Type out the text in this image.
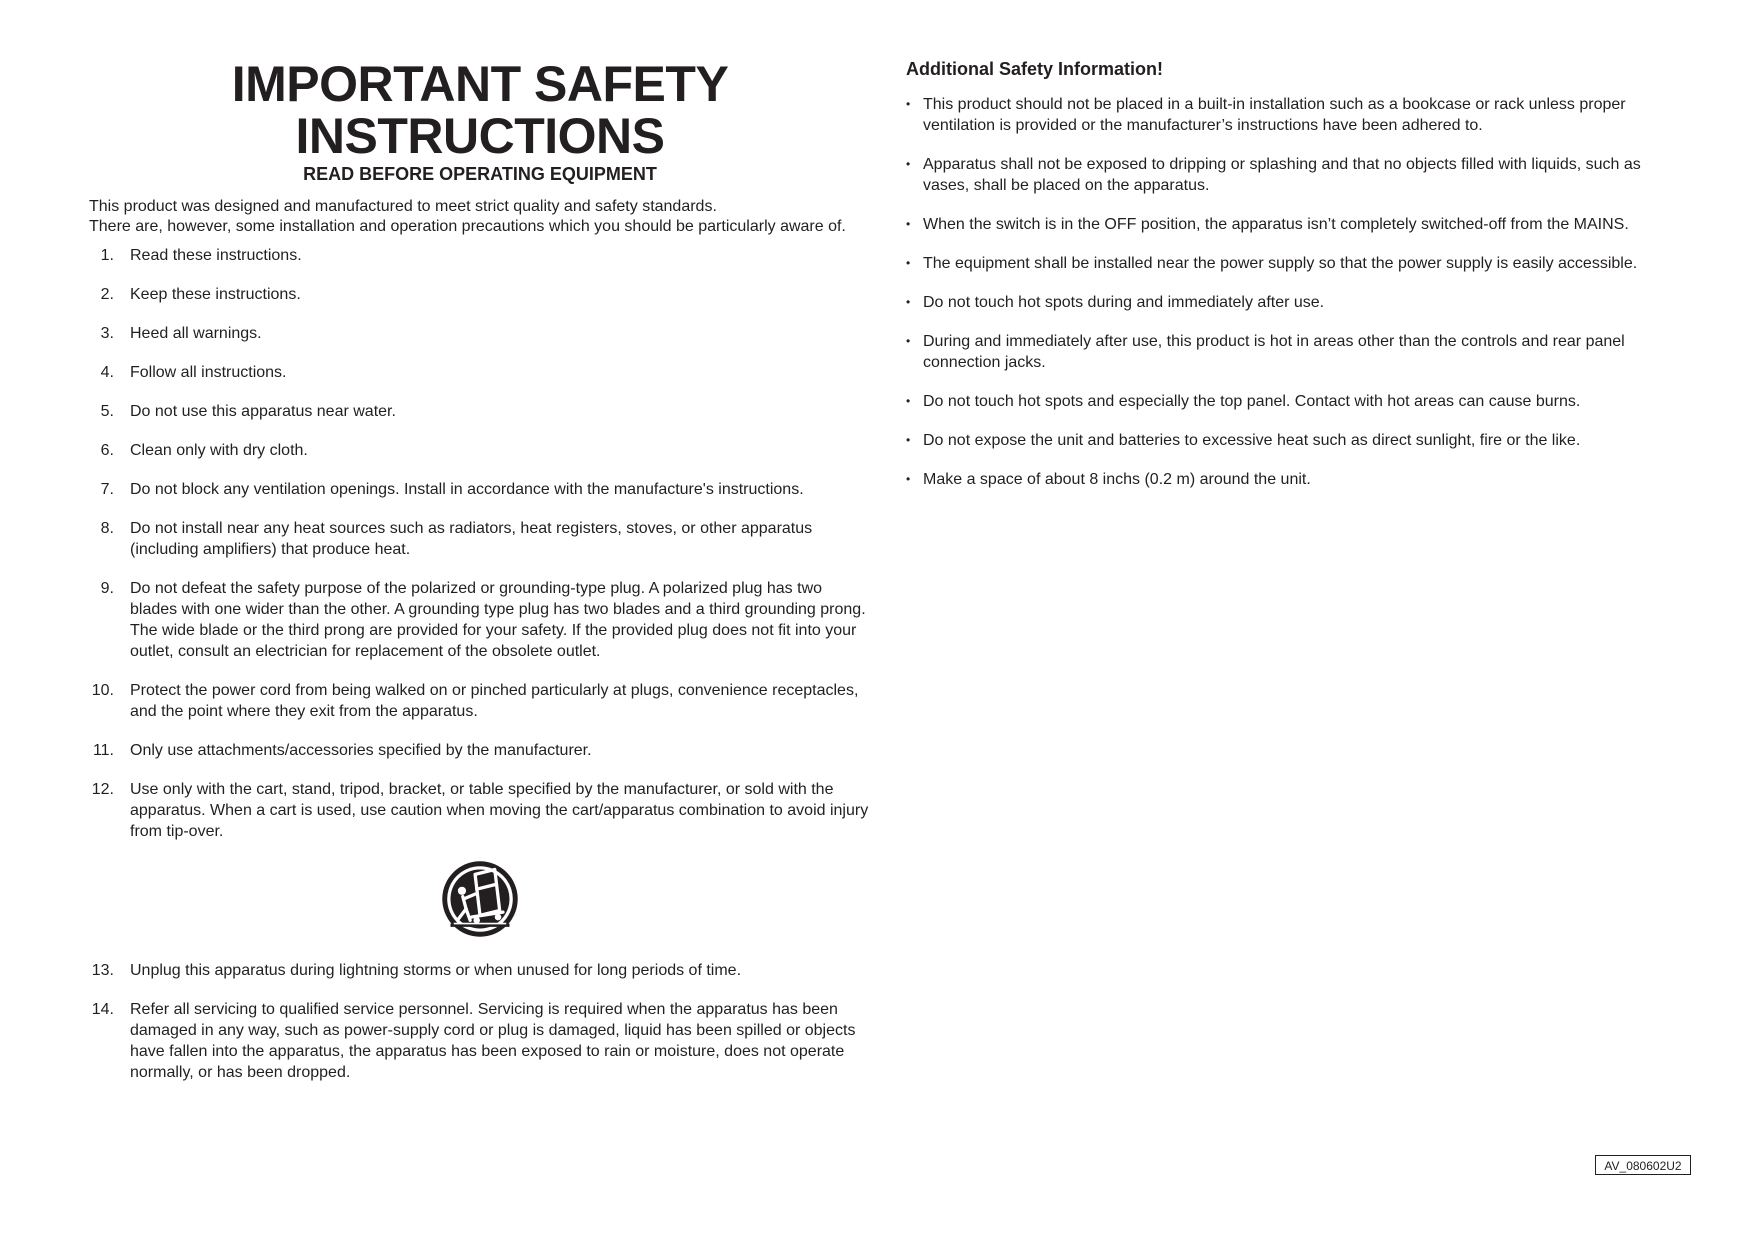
IMPORTANT SAFETY
INSTRUCTIONS
READ BEFORE OPERATING EQUIPMENT
This product was designed and manufactured to meet strict quality and safety standards.
There are, however, some installation and operation precautions which you should be particularly aware of.
1. Read these instructions.
2. Keep these instructions.
3. Heed all warnings.
4. Follow all instructions.
5. Do not use this apparatus near water.
6. Clean only with dry cloth.
7. Do not block any ventilation openings. Install in accordance with the manufacture's instructions.
8. Do not install near any heat sources such as radiators, heat registers, stoves, or other apparatus (including amplifiers) that produce heat.
9. Do not defeat the safety purpose of the polarized or grounding-type plug. A polarized plug has two blades with one wider than the other. A grounding type plug has two blades and a third grounding prong. The wide blade or the third prong are provided for your safety. If the provided plug does not fit into your outlet, consult an electrician for replacement of the obsolete outlet.
10. Protect the power cord from being walked on or pinched particularly at plugs, convenience receptacles, and the point where they exit from the apparatus.
11. Only use attachments/accessories specified by the manufacturer.
12. Use only with the cart, stand, tripod, bracket, or table specified by the manufacturer, or sold with the apparatus. When a cart is used, use caution when moving the cart/apparatus combination to avoid injury from tip-over.
13. Unplug this apparatus during lightning storms or when unused for long periods of time.
14. Refer all servicing to qualified service personnel. Servicing is required when the apparatus has been damaged in any way, such as power-supply cord or plug is damaged, liquid has been spilled or objects have fallen into the apparatus, the apparatus has been exposed to rain or moisture, does not operate normally, or has been dropped.
Additional Safety Information!
• This product should not be placed in a built-in installation such as a bookcase or rack unless proper ventilation is provided or the manufacturer’s instructions have been adhered to.
• Apparatus shall not be exposed to dripping or splashing and that no objects filled with liquids, such as vases, shall be placed on the apparatus.
• When the switch is in the OFF position, the apparatus isn’t completely switched-off from the MAINS.
• The equipment shall be installed near the power supply so that the power supply is easily accessible.
• Do not touch hot spots during and immediately after use.
• During and immediately after use, this product is hot in areas other than the controls and rear panel connection jacks.
• Do not touch hot spots and especially the top panel. Contact with hot areas can cause burns.
• Do not expose the unit and batteries to excessive heat such as direct sunlight, fire or the like.
• Make a space of about 8 inchs (0.2 m) around the unit.
AV_080602U2
